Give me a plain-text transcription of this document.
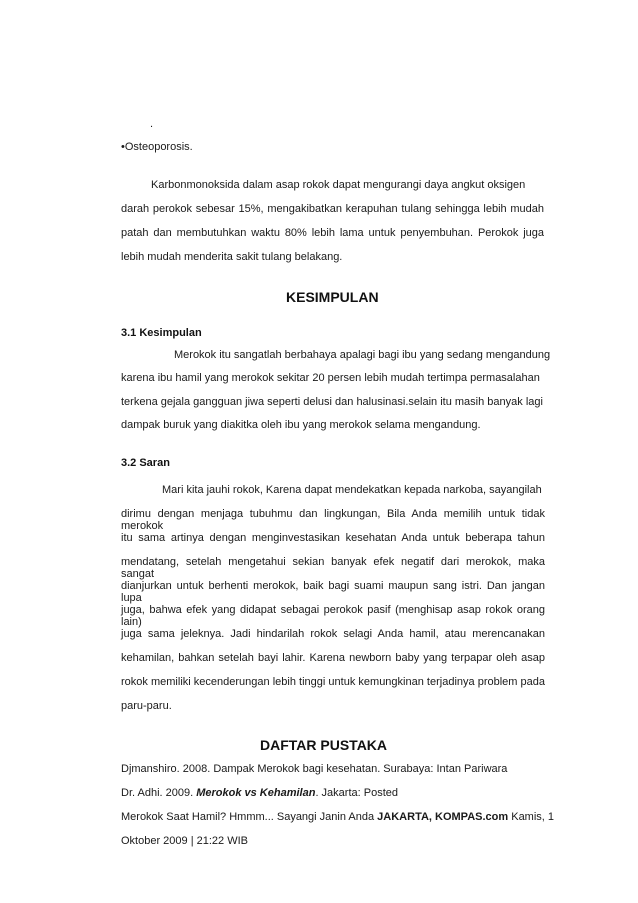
.
•Osteoporosis.
Karbonmonoksida dalam asap rokok dapat mengurangi daya angkut oksigen
darah perokok sebesar 15%, mengakibatkan kerapuhan tulang sehingga lebih mudah
patah dan membutuhkan waktu 80% lebih lama untuk penyembuhan. Perokok juga
lebih mudah menderita sakit tulang belakang.
KESIMPULAN
3.1 Kesimpulan
Merokok itu sangatlah berbahaya apalagi bagi ibu yang sedang mengandung
karena ibu hamil yang merokok sekitar 20 persen lebih mudah tertimpa permasalahan
terkena gejala gangguan jiwa seperti delusi dan halusinasi.selain itu masih banyak lagi
dampak buruk yang diakitka oleh ibu yang merokok selama mengandung.
3.2 Saran
Mari kita jauhi rokok, Karena dapat mendekatkan kepada narkoba, sayangilah
dirimu dengan menjaga tubuhmu dan lingkungan, Bila Anda memilih untuk tidak merokok
itu sama artinya dengan menginvestasikan kesehatan Anda untuk beberapa tahun
mendatang, setelah mengetahui sekian banyak efek negatif dari merokok, maka sangat
dianjurkan untuk berhenti merokok, baik bagi suami maupun sang istri. Dan jangan lupa
juga, bahwa efek yang didapat sebagai perokok pasif (menghisap asap rokok orang lain)
juga sama jeleknya. Jadi hindarilah rokok selagi Anda hamil, atau merencanakan
kehamilan, bahkan setelah bayi lahir. Karena newborn baby yang terpapar oleh asap
rokok memiliki kecenderungan lebih tinggi untuk kemungkinan terjadinya problem pada
paru-paru.
DAFTAR PUSTAKA
Djmanshiro. 2008. Dampak Merokok bagi kesehatan. Surabaya: Intan Pariwara
Dr. Adhi. 2009. Merokok vs Kehamilan. Jakarta: Posted
Merokok Saat Hamil? Hmmm... Sayangi Janin Anda JAKARTA, KOMPAS.com Kamis, 1
Oktober 2009 | 21:22 WIB
